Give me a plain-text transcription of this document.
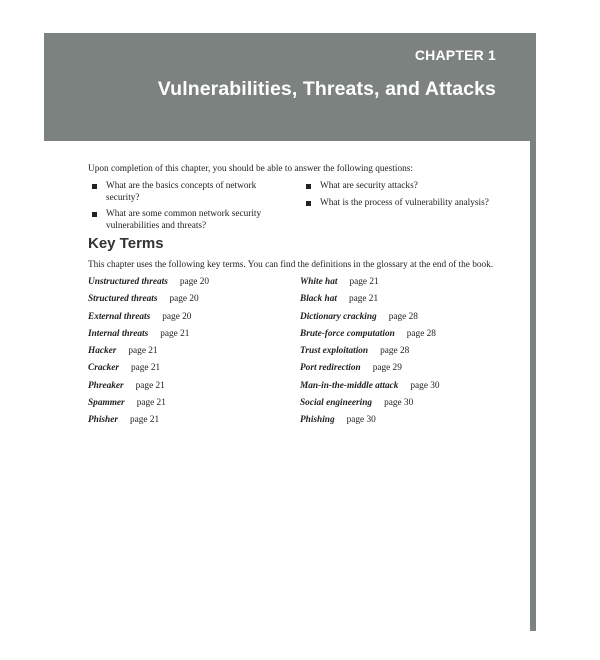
CHAPTER 1
Vulnerabilities, Threats, and Attacks
Upon completion of this chapter, you should be able to answer the following questions:
What are the basics concepts of network security?
What are some common network security vulnerabilities and threats?
What are security attacks?
What is the process of vulnerability analysis?
Key Terms
This chapter uses the following key terms. You can find the definitions in the glossary at the end of the book.
Unstructured threats page 20
Structured threats page 20
External threats page 20
Internal threats page 21
Hacker page 21
Cracker page 21
Phreaker page 21
Spammer page 21
Phisher page 21
White hat page 21
Black hat page 21
Dictionary cracking page 28
Brute-force computation page 28
Trust exploitation page 28
Port redirection page 29
Man-in-the-middle attack page 30
Social engineering page 30
Phishing page 30
